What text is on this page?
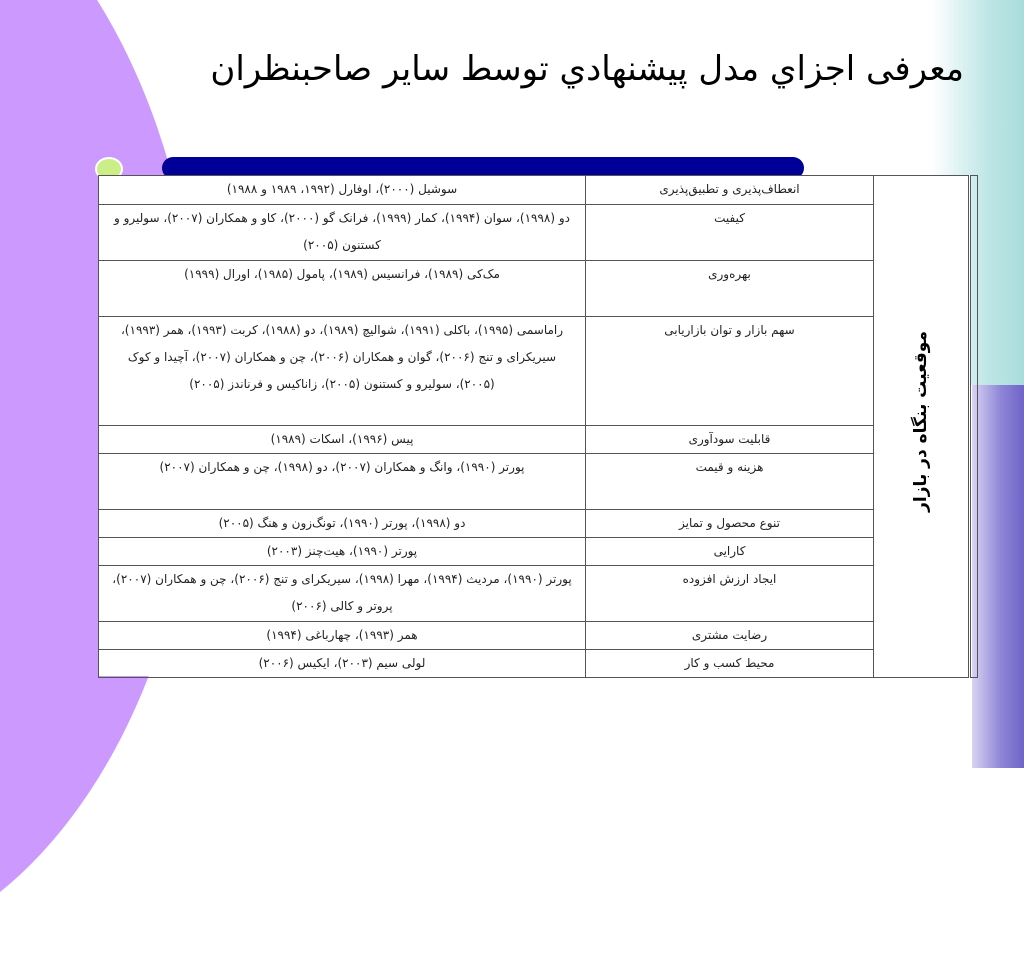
معرفی اجزاي مدل پيشنهادي توسط ساير صاحبنظران
	موقعیت بنگاه در بازار	انعطاف‌پذیری و تطبیق‌پذیری	سوشیل (۲۰۰۰)، اوفارل (۱۹۹۲، ۱۹۸۹ و ۱۹۸۸)
		کیفیت	دو (۱۹۹۸)، سوان (۱۹۹۴)، کمار (۱۹۹۹)، فرانک گو (۲۰۰۰)، کاو و همکاران (۲۰۰۷)، سولیرو و کستنون (۲۰۰۵)
		بهره‌وری	مک‌کی (۱۹۸۹)، فرانسیس (۱۹۸۹)، پامول (۱۹۸۵)، اورال (۱۹۹۹)
		سهم بازار و توان بازاریابی	راماسمی (۱۹۹۵)، باکلی (۱۹۹۱)، شوالیچ (۱۹۸۹)، دو (۱۹۸۸)، کربت (۱۹۹۳)، همر (۱۹۹۳)، سیریکرای و تنج (۲۰۰۶)، گوان و همکاران (۲۰۰۶)، چن و همکاران (۲۰۰۷)، آچیدا و کوک (۲۰۰۵)، سولیرو و کستنون (۲۰۰۵)، زاناکیس و فرناندز (۲۰۰۵)
		قابلیت سودآوری	پیس (۱۹۹۶)، اسکات (۱۹۸۹)
		هزینه و قیمت	پورتر (۱۹۹۰)، وانگ و همکاران (۲۰۰۷)، دو (۱۹۹۸)، چن و همکاران (۲۰۰۷)
		تنوع محصول و تمایز	دو (۱۹۹۸)، پورتر (۱۹۹۰)، تونگ‌زون و هنگ (۲۰۰۵)
		کارایی	پورتر (۱۹۹۰)، هیت‌چنز (۲۰۰۳)
		ایجاد ارزش افزوده	پورتر (۱۹۹۰)، مردیث (۱۹۹۴)، مهرا (۱۹۹۸)، سیریکرای و تنج (۲۰۰۶)، چن و همکاران (۲۰۰۷)، پروتر و کالی (۲۰۰۶)
		رضایت مشتری	همر (۱۹۹۳)، چهارباغی (۱۹۹۴)
		محیط کسب و کار	لولی سیم (۲۰۰۳)، ایکیس (۲۰۰۶)
